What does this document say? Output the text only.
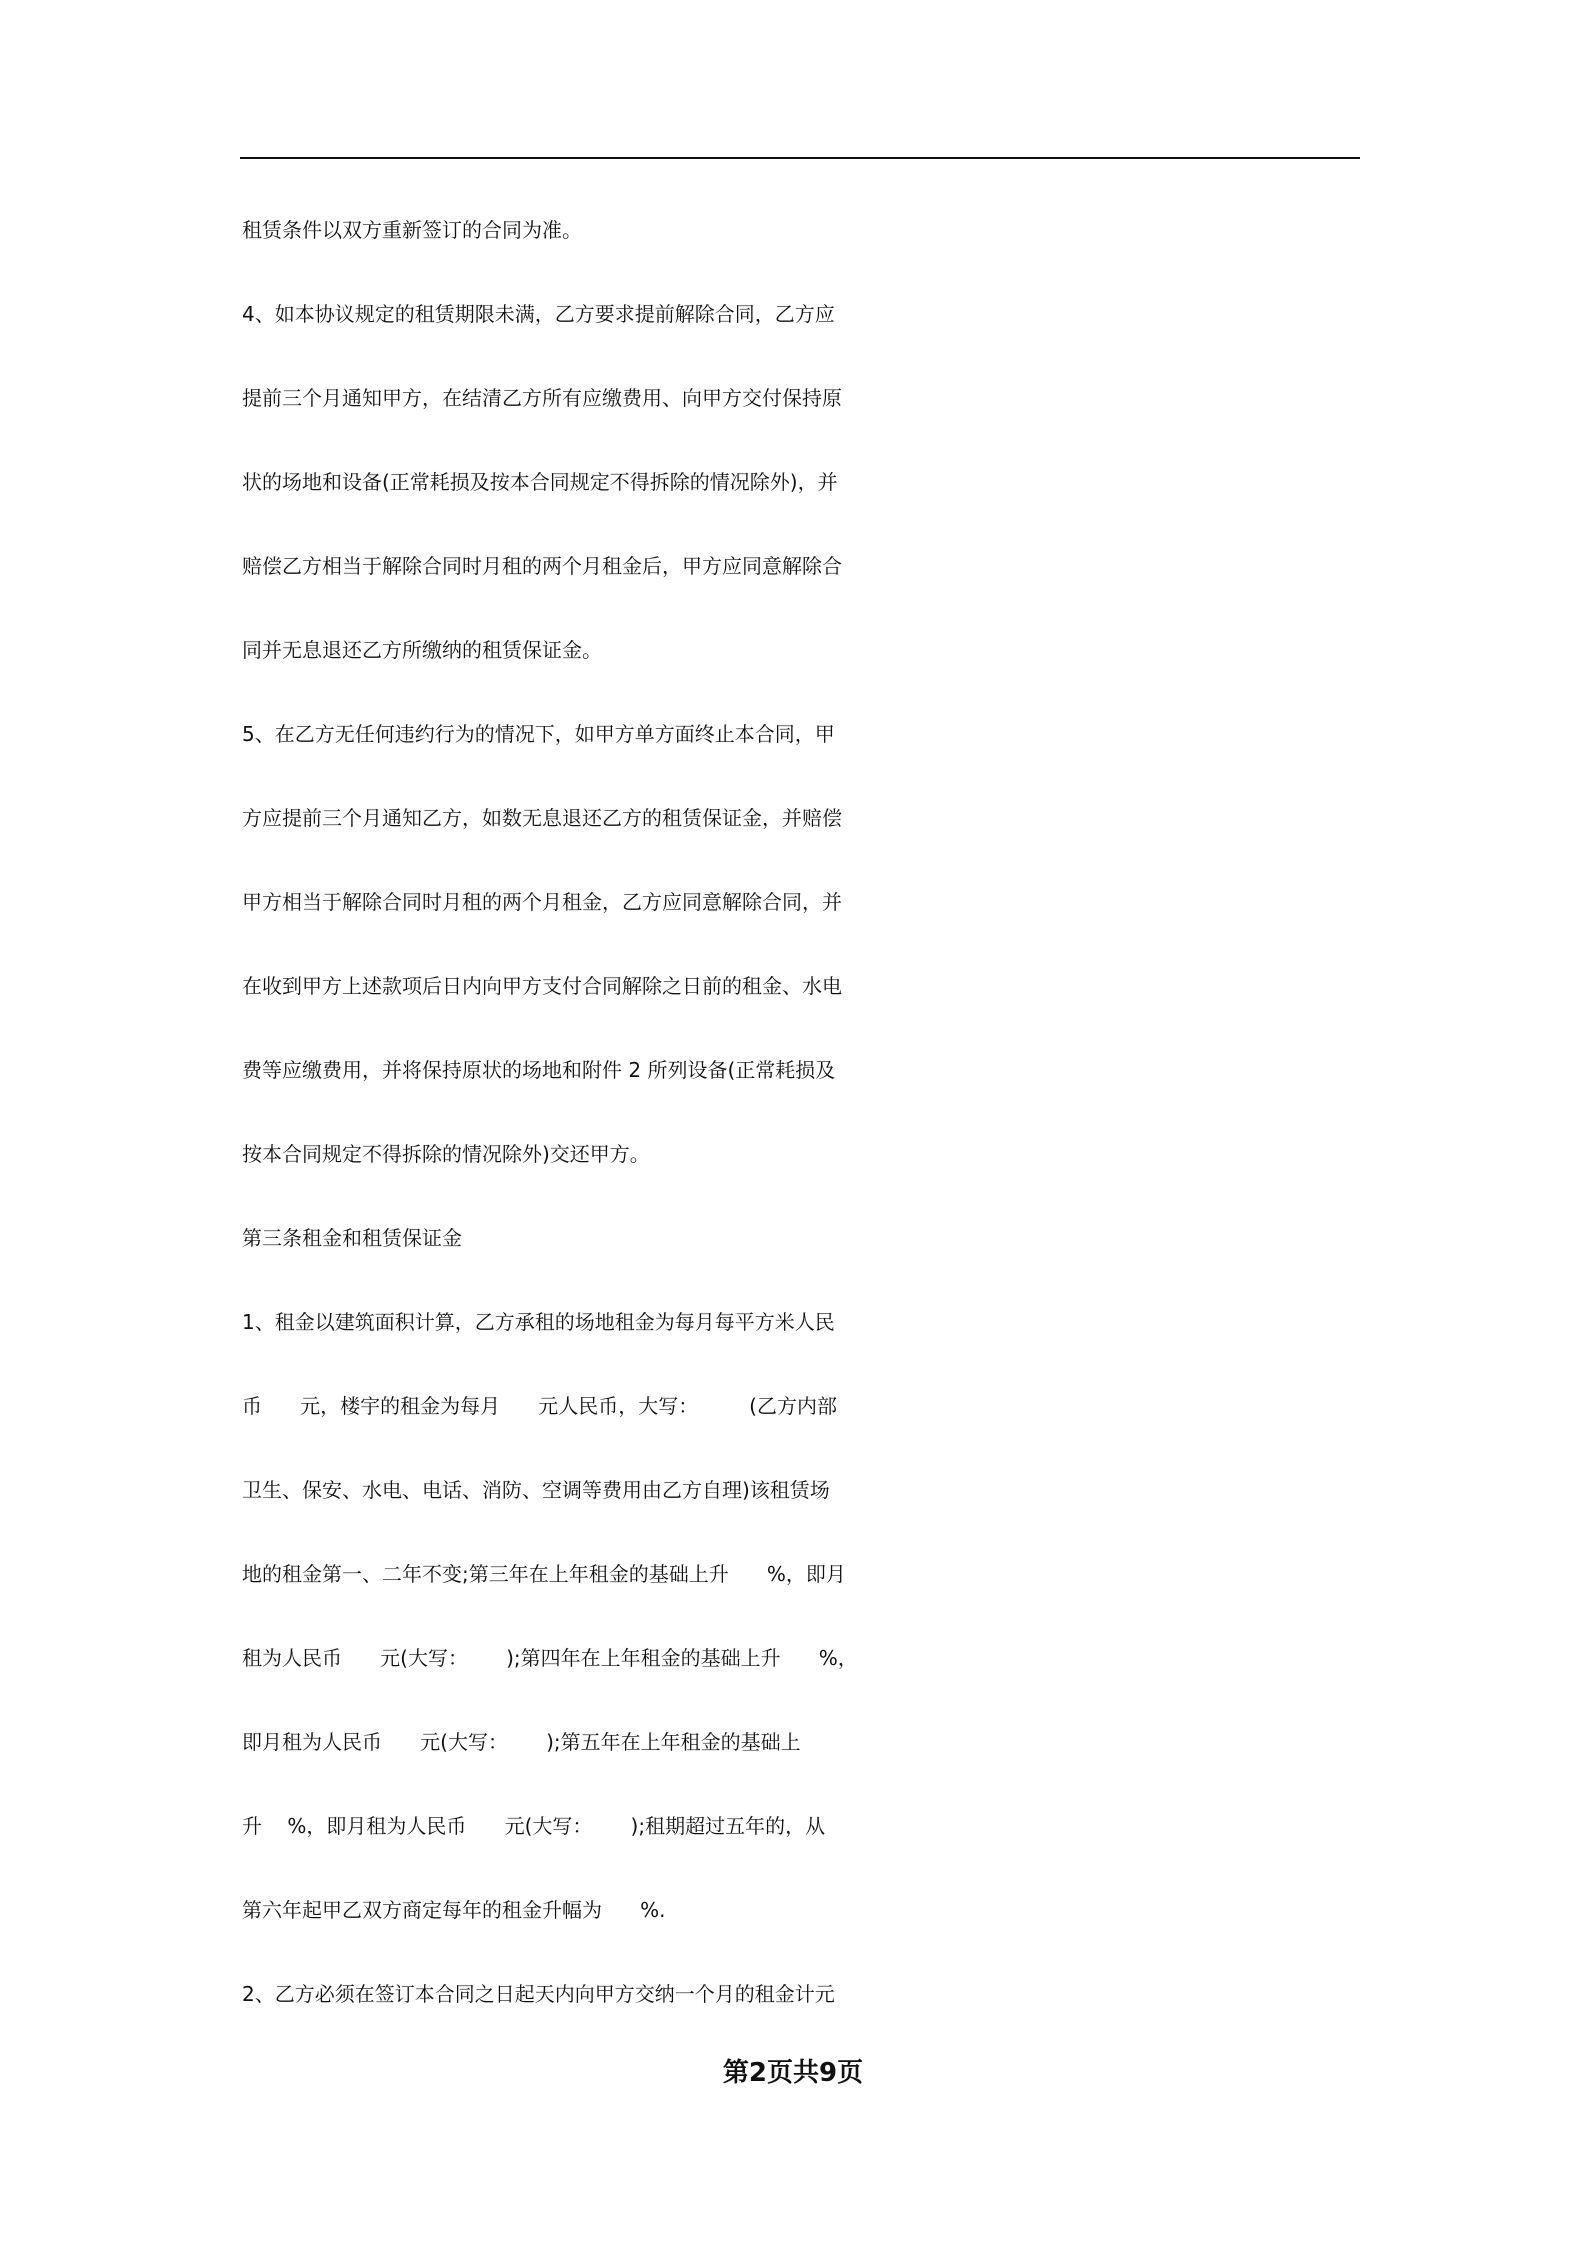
租赁条件以双方重新签订的合同为准。
4、如本协议规定的租赁期限未满，乙方要求提前解除合同，乙方应
提前三个月通知甲方，在结清乙方所有应缴费用、向甲方交付保持原
状的场地和设备(正常耗损及按本合同规定不得拆除的情况除外)，并
赔偿乙方相当于解除合同时月租的两个月租金后，甲方应同意解除合
同并无息退还乙方所缴纳的租赁保证金。
5、在乙方无任何违约行为的情况下，如甲方单方面终止本合同，甲
方应提前三个月通知乙方，如数无息退还乙方的租赁保证金，并赔偿
甲方相当于解除合同时月租的两个月租金，乙方应同意解除合同，并
在收到甲方上述款项后日内向甲方支付合同解除之日前的租金、水电
费等应缴费用，并将保持原状的场地和附件 2 所列设备(正常耗损及
按本合同规定不得拆除的情况除外)交还甲方。
第三条租金和租赁保证金
1、租金以建筑面积计算，乙方承租的场地租金为每月每平方米人民
币      元，楼宇的租金为每月      元人民币，大写：        (乙方内部
卫生、保安、水电、电话、消防、空调等费用由乙方自理)该租赁场
地的租金第一、二年不变;第三年在上年租金的基础上升      %，即月
租为人民币      元(大写：      );第四年在上年租金的基础上升      %，
即月租为人民币      元(大写：      );第五年在上年租金的基础上
升    %，即月租为人民币      元(大写：      );租期超过五年的，从
第六年起甲乙双方商定每年的租金升幅为      %.
2、乙方必须在签订本合同之日起天内向甲方交纳一个月的租金计元
第2页共9页
